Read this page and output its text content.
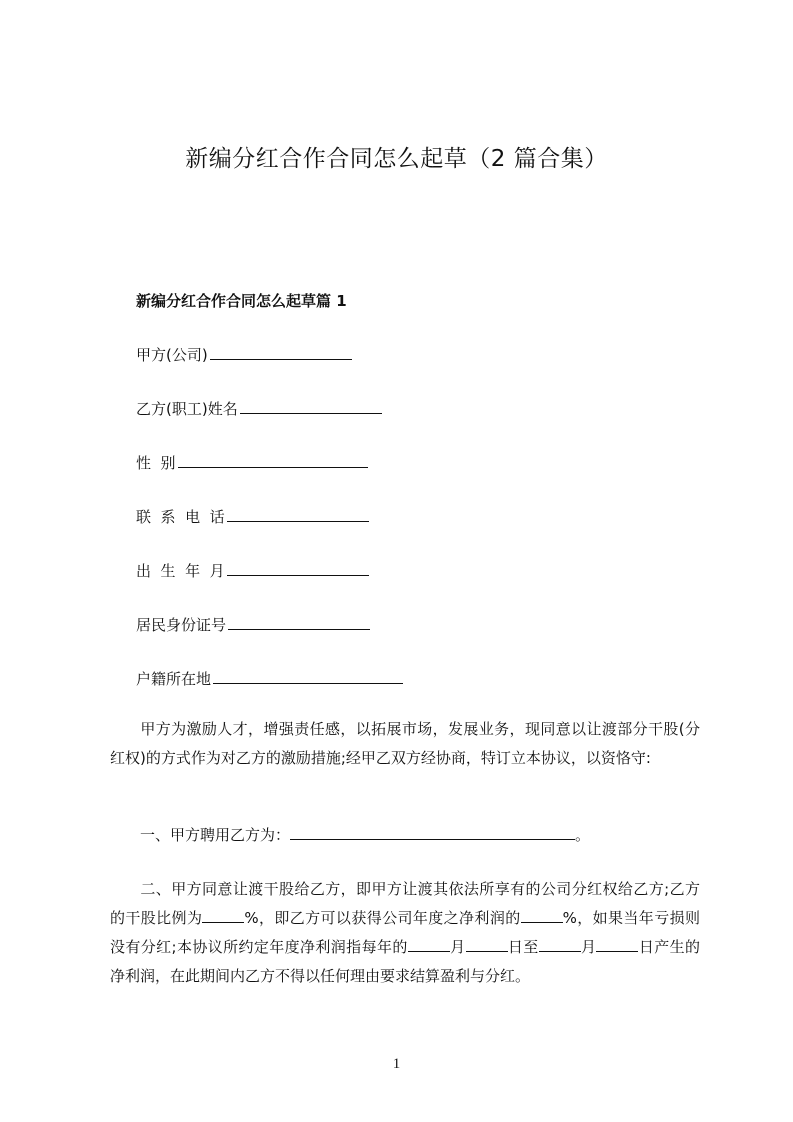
新编分红合作合同怎么起草（2 篇合集）
新编分红合作合同怎么起草篇 1
甲方(公司)
乙方(职工)姓名
性  别
联  系  电  话
出  生  年  月
居民身份证号
户籍所在地

甲方为激励人才，增强责任感，以拓展市场，发展业务，现同意以让渡部分干股(分红权)的方式作为对乙方的激励措施;经甲乙双方经协商，特订立本协议，以资恪守:

一、甲方聘用乙方为：	。

二、甲方同意让渡干股给乙方，即甲方让渡其依法所享有的公司分红权给乙方;乙方的干股比例为	%，即乙方可以获得公司年度之净利润的	%，如果当年亏损则没有分红;本协议所约定年度净利润指每年的	月	日至	月	日产生的净利润，在此期间内乙方不得以任何理由要求结算盈利与分红。

1
